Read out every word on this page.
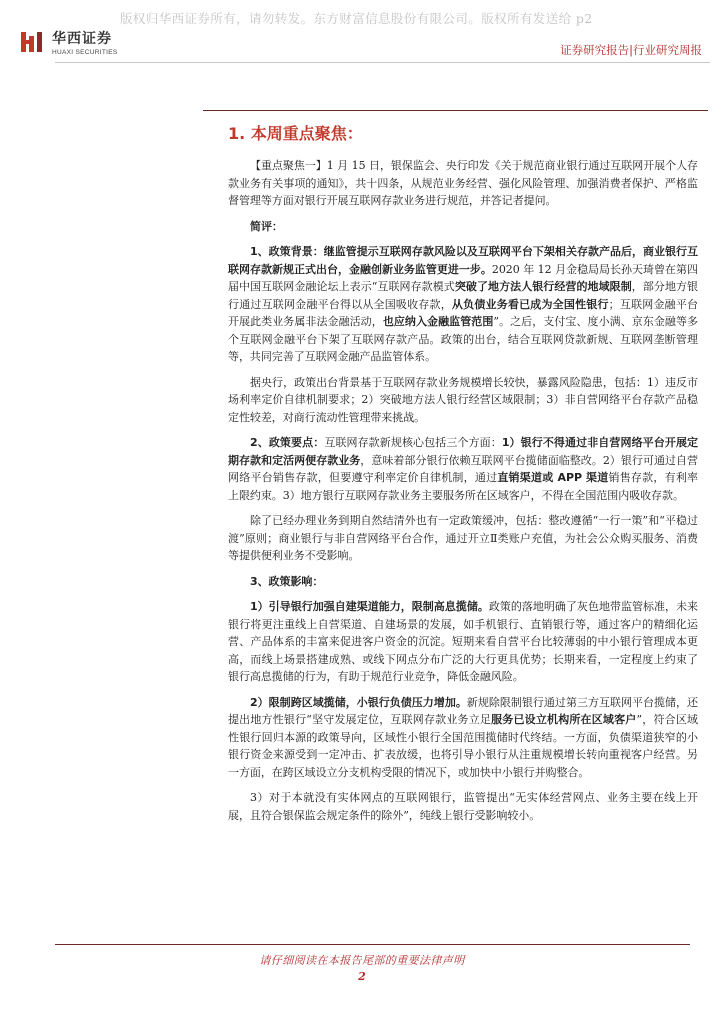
版权归华西证券所有，请勿转发。东方财富信息股份有限公司。版权所有发送给 p2
华西证券
HUAXI SECURITIES	证券研究报告|行业研究周报
1. 本周重点聚焦：

【重点聚焦一】1 月 15 日，银保监会、央行印发《关于规范商业银行通过互联网开展个人存款业务有关事项的通知》，共十四条，从规范业务经营、强化风险管理、加强消费者保护、严格监督管理等方面对银行开展互联网存款业务进行规范，并答记者提问。

简评：

1、政策背景：继监管提示互联网存款风险以及互联网平台下架相关存款产品后，商业银行互联网存款新规正式出台，金融创新业务监管更进一步。2020 年 12 月金稳局局长孙天琦曾在第四届中国互联网金融论坛上表示“互联网存款模式突破了地方法人银行经营的地域限制，部分地方银行通过互联网金融平台得以从全国吸收存款，从负债业务看已成为全国性银行；互联网金融平台开展此类业务属非法金融活动，也应纳入金融监管范围”。之后，支付宝、度小满、京东金融等多个互联网金融平台下架了互联网存款产品。政策的出台，结合互联网贷款新规、互联网垄断管理等，共同完善了互联网金融产品监管体系。

据央行，政策出台背景基于互联网存款业务规模增长较快，暴露风险隐患，包括：1）违反市场利率定价自律机制要求；2）突破地方法人银行经营区域限制；3）非自营网络平台存款产品稳定性较差，对商行流动性管理带来挑战。

2、政策要点：互联网存款新规核心包括三个方面：1）银行不得通过非自营网络平台开展定期存款和定活两便存款业务，意味着部分银行依赖互联网平台揽储面临整改。2）银行可通过自营网络平台销售存款，但要遵守利率定价自律机制，通过直销渠道或 APP 渠道销售存款，有利率上限约束。3）地方银行互联网存款业务主要服务所在区域客户，不得在全国范围内吸收存款。

除了已经办理业务到期自然结清外也有一定政策缓冲，包括：整改遵循“一行一策”和“平稳过渡”原则；商业银行与非自营网络平台合作，通过开立Ⅱ类账户充值，为社会公众购买服务、消费等提供便利业务不受影响。

3、政策影响：

1）引导银行加强自建渠道能力，限制高息揽储。政策的落地明确了灰色地带监管标准，未来银行将更注重线上自营渠道、自建场景的发展，如手机银行、直销银行等，通过客户的精细化运营、产品体系的丰富来促进客户资金的沉淀。短期来看自营平台比较薄弱的中小银行管理成本更高，而线上场景搭建成熟、或线下网点分布广泛的大行更具优势；长期来看，一定程度上约束了银行高息揽储的行为，有助于规范行业竞争，降低金融风险。

2）限制跨区域揽储，小银行负债压力增加。新规除限制银行通过第三方互联网平台揽储，还提出地方性银行“坚守发展定位，互联网存款业务立足服务已设立机构所在区域客户”，符合区域性银行回归本源的政策导向，区域性小银行全国范围揽储时代终结。一方面，负债渠道狭窄的小银行资金来源受到一定冲击、扩表放缓，也将引导小银行从注重规模增长转向重视客户经营。另一方面，在跨区域设立分支机构受限的情况下，或加快中小银行并购整合。

3）对于本就没有实体网点的互联网银行，监管提出“无实体经营网点、业务主要在线上开展，且符合银保监会规定条件的除外”，纯线上银行受影响较小。

请仔细阅读在本报告尾部的重要法律声明
2
